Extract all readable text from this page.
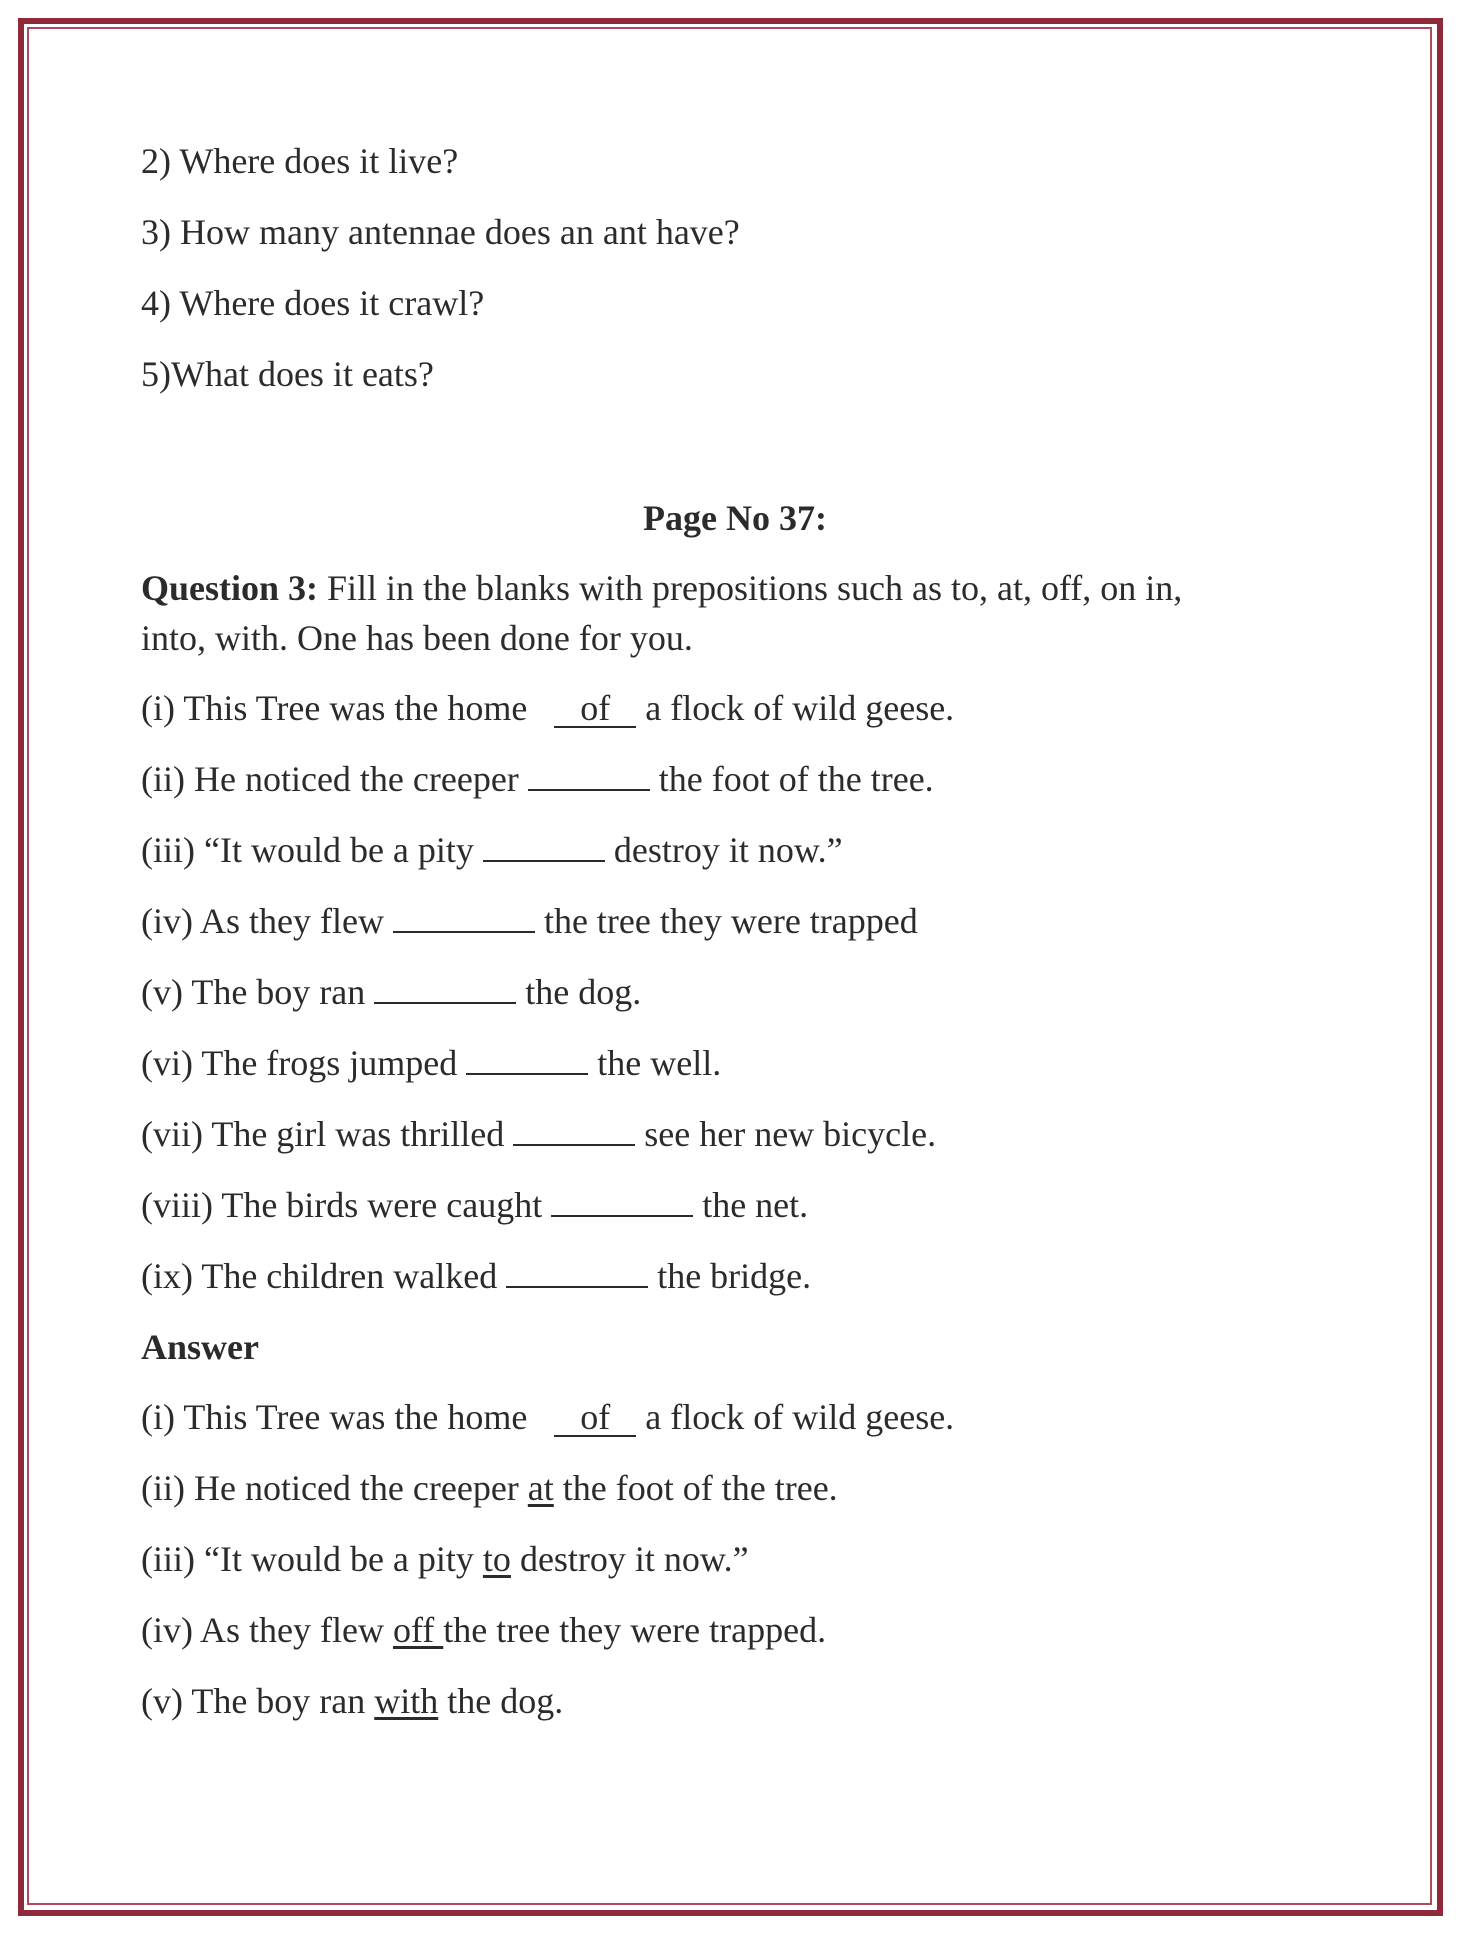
2) Where does it live?
3) How many antennae does an ant have?
4) Where does it crawl?
5)What does it eats?
Page No 37:
Question 3: Fill in the blanks with prepositions such as to, at, off, on in,
into, with. One has been done for you.
(i) This Tree was the home of a flock of wild geese.
(ii) He noticed the creeper	the foot of the tree.
(iii) “It would be a pity	destroy it now.”
(iv) As they flew	the tree they were trapped
(v) The boy ran	the dog.
(vi) The frogs jumped	the well.
(vii) The girl was thrilled	see her new bicycle.
(viii) The birds were caught	the net.
(ix) The children walked	the bridge.
Answer
(i) This Tree was the home of a flock of wild geese.
(ii) He noticed the creeper at the foot of the tree.
(iii) “It would be a pity to destroy it now.”
(iv) As they flew off the tree they were trapped.
(v) The boy ran with the dog.
